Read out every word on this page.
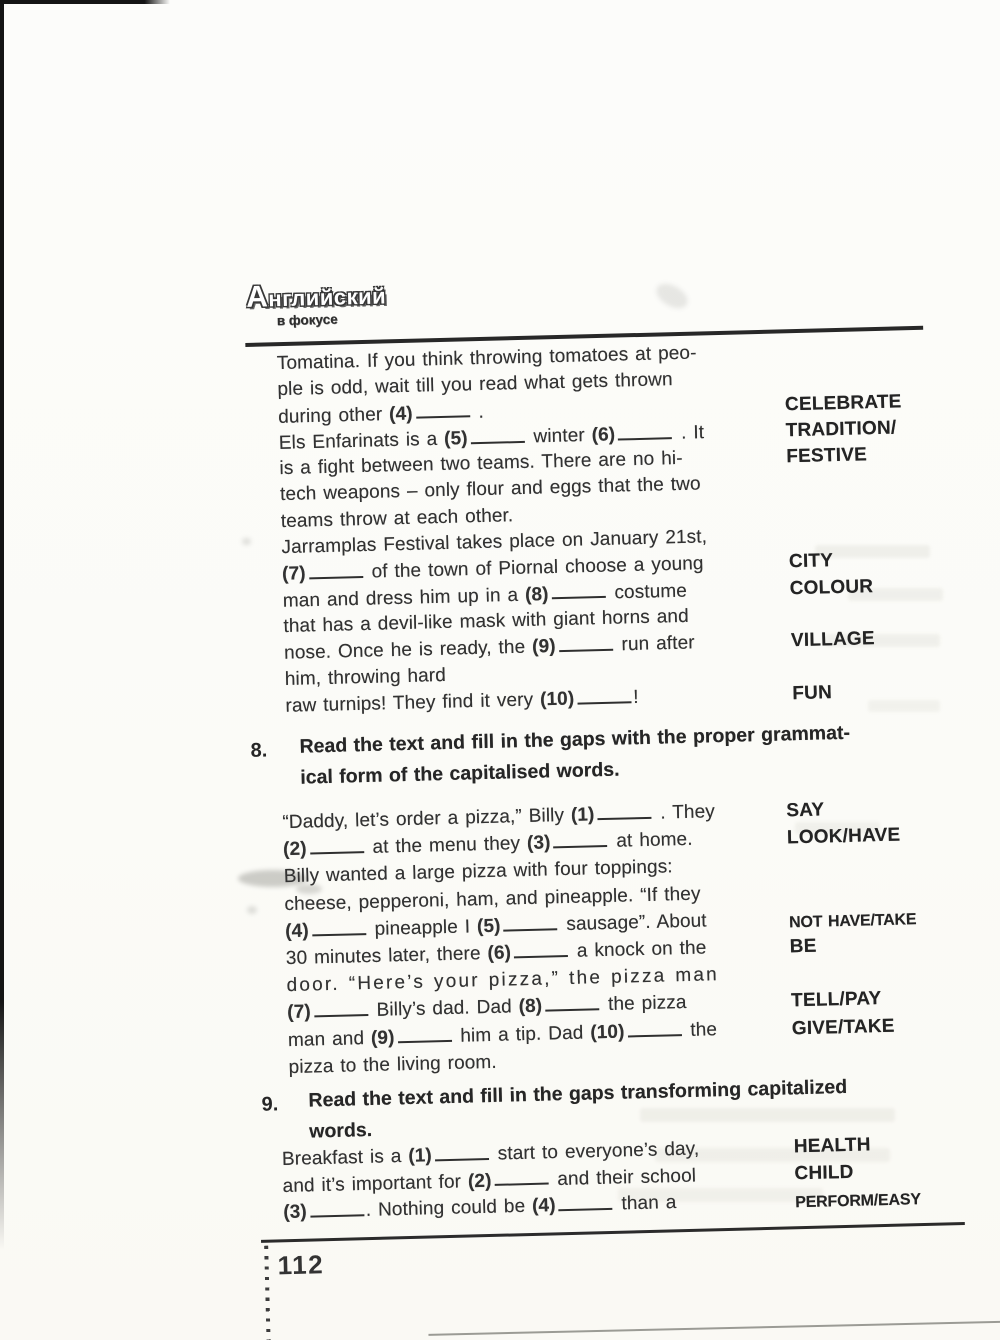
Английский
в фокусе
Tomatina. If you think throwing tomatoes at peo-
ple is odd, wait till you read what gets thrown
during other (4)	.	CELEBRATE
Els Enfarinats is a (5)	winter (6)	. It	TRADITION/
is a fight between two teams. There are no hi-	FESTIVE
tech weapons – only flour and eggs that the two
teams throw at each other.
Jarramplas Festival takes place on January 21st,
(7)	of the town of Piornal choose a young	CITY
man and dress him up in a (8)	costume	COLOUR
that has a devil-like mask with giant horns and
nose. Once he is ready, the (9)	run after	VILLAGE
him, throwing hard
raw turnips! They find it very (10)	!	FUN
8. Read the text and fill in the gaps with the proper grammat-
ical form of the capitalised words.
“Daddy, let’s order a pizza,” Billy (1)	. They	SAY
(2)	at the menu they (3)	at home.	LOOK/HAVE
Billy wanted a large pizza with four toppings:
cheese, pepperoni, ham, and pineapple. “If they
(4)	pineapple I (5)	sausage”. About	NOT HAVE/TAKE
30 minutes later, there (6)	a knock on the	BE
door. “Here’s your pizza,” the pizza man
(7)	Billy’s dad. Dad (8)	the pizza	TELL/PAY
man and (9)	him a tip. Dad (10)	the	GIVE/TAKE
pizza to the living room.
9. Read the text and fill in the gaps transforming capitalized
words.
Breakfast is a (1)	start to everyone’s day,	HEALTH
and it’s important for (2)	and their school	CHILD
(3)	. Nothing could be (4)	than a	PERFORM/EASY
112
